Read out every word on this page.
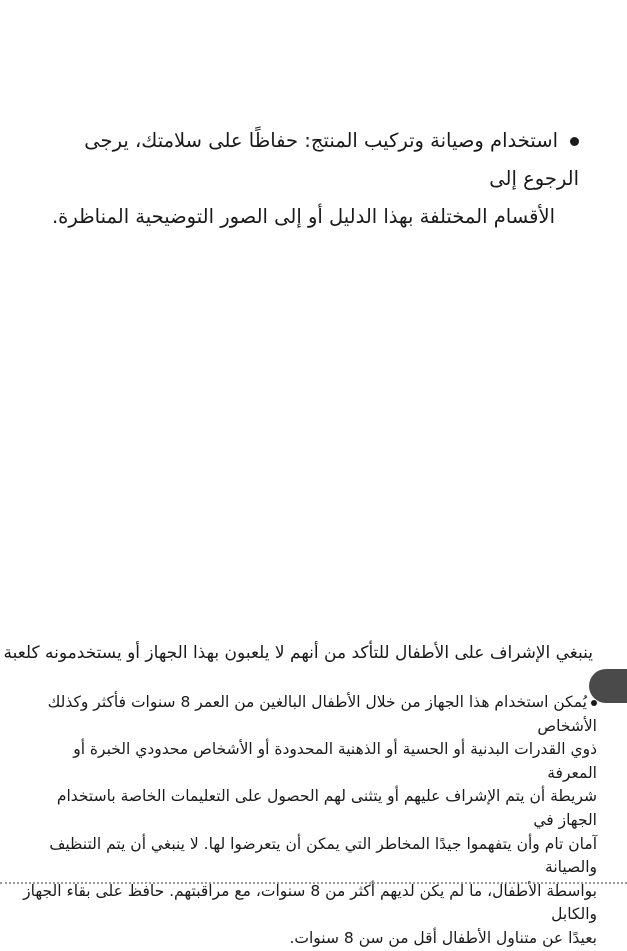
استخدام وصيانة وتركيب المنتج: حفاظًا على سلامتك، يرجى الرجوع إلى
الأقسام المختلفة بهذا الدليل أو إلى الصور التوضيحية المناظرة.

ينبغي الإشراف على الأطفال للتأكد من أنهم لا يلعبون بهذا الجهاز أو يستخدمونه كلعبة

يُمكن استخدام هذا الجهاز من خلال الأطفال البالغين من العمر 8 سنوات فأكثر وكذلك الأشخاص
ذوي القدرات البدنية أو الحسية أو الذهنية المحدودة أو الأشخاص محدودي الخبرة أو المعرفة
شريطة أن يتم الإشراف عليهم أو يتثنى لهم الحصول على التعليمات الخاصة باستخدام الجهاز في
آمان تام وأن يتفهموا جيدًا المخاطر التي يمكن أن يتعرضوا لها. لا ينبغي أن يتم التنظيف والصيانة
بواسطة الأطفال، ما لم يكن لديهم أكثر من 8 سنوات، مع مراقبتهم. حافظ على بقاء الجهاز والكابل
بعيدًا عن متناول الأطفال أقل من سن 8 سنوات.
